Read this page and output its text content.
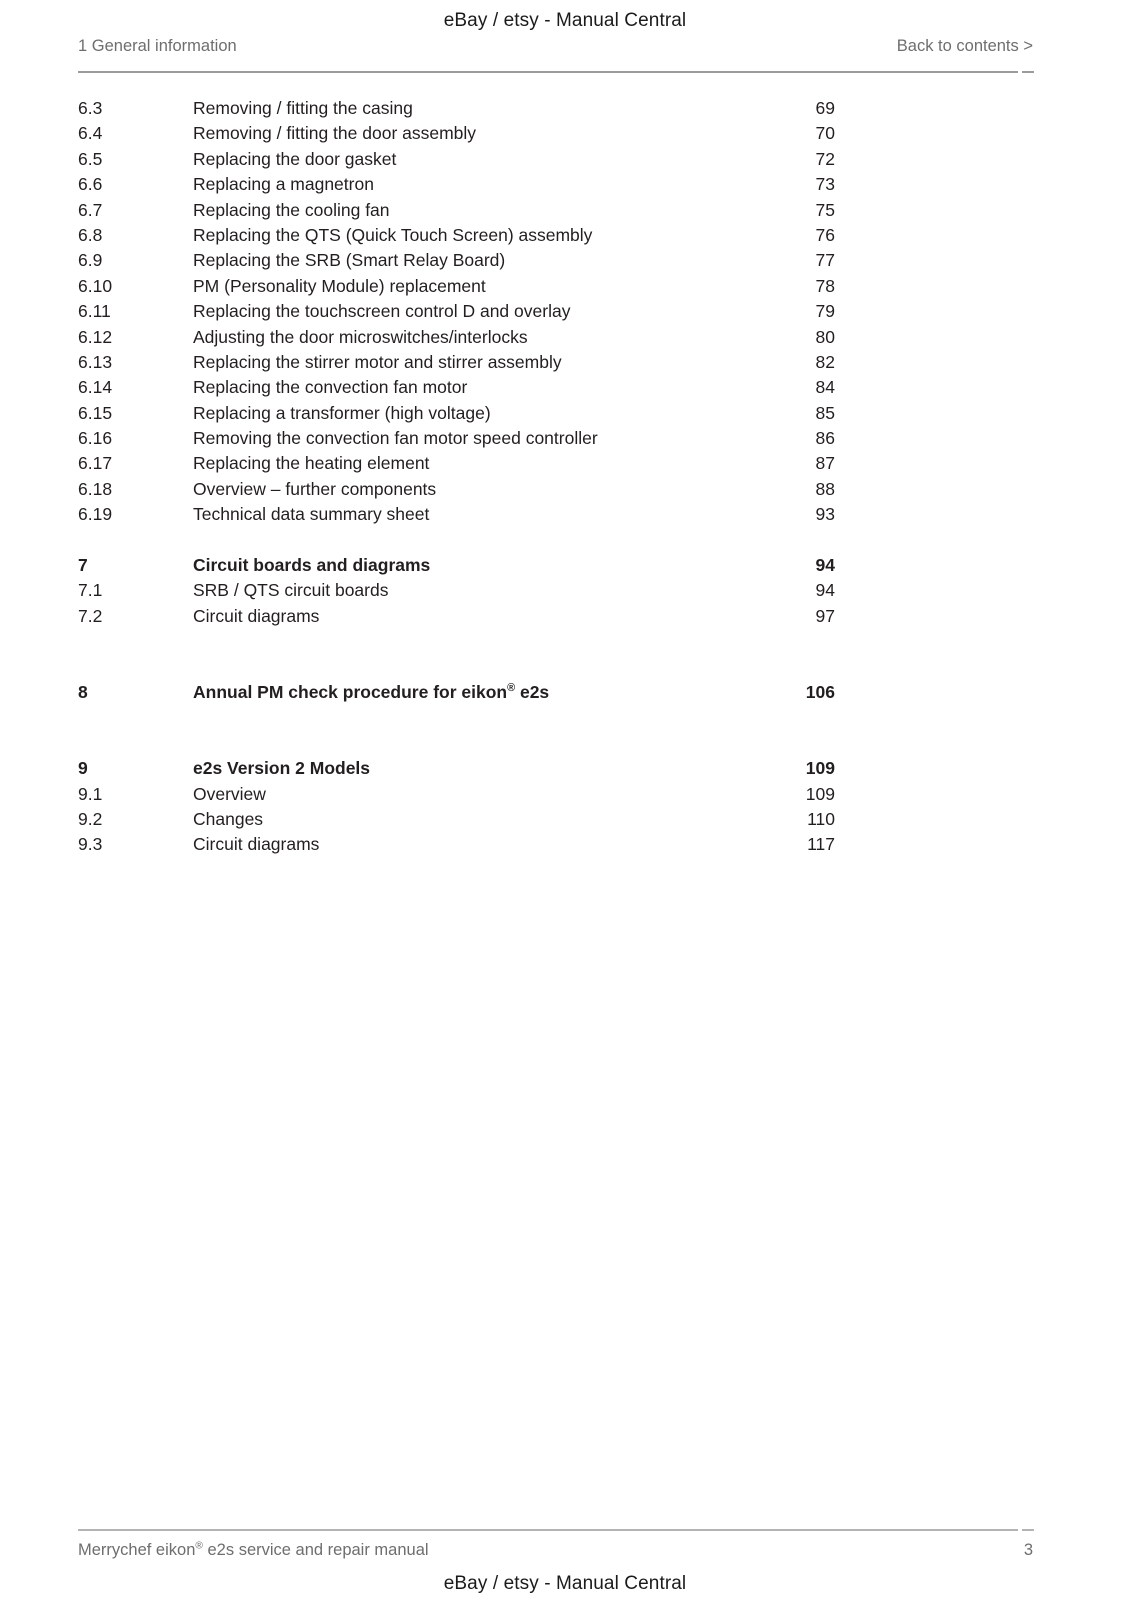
eBay / etsy - Manual Central
1 General information	Back to contents >
6.3	Removing / fitting the casing	69
6.4	Removing / fitting the door assembly	70
6.5	Replacing the door gasket	72
6.6	Replacing a magnetron	73
6.7	Replacing the cooling fan	75
6.8	Replacing the QTS (Quick Touch Screen) assembly	76
6.9	Replacing the SRB (Smart Relay Board)	77
6.10	PM (Personality Module) replacement	78
6.11	Replacing the touchscreen control D and overlay	79
6.12	Adjusting the door microswitches/interlocks	80
6.13	Replacing the stirrer motor and stirrer assembly	82
6.14	Replacing the convection fan motor	84
6.15	Replacing a transformer (high voltage)	85
6.16	Removing the convection fan motor speed controller	86
6.17	Replacing the heating element	87
6.18	Overview – further components	88
6.19	Technical data summary sheet	93
7	Circuit boards and diagrams	94
7.1	SRB / QTS circuit boards	94
7.2	Circuit diagrams	97
8	Annual PM check procedure for eikon® e2s	106
9	e2s Version 2 Models	109
9.1	Overview	109
9.2	Changes	110
9.3	Circuit diagrams	117
Merrychef eikon® e2s service and repair manual	3
eBay / etsy - Manual Central
